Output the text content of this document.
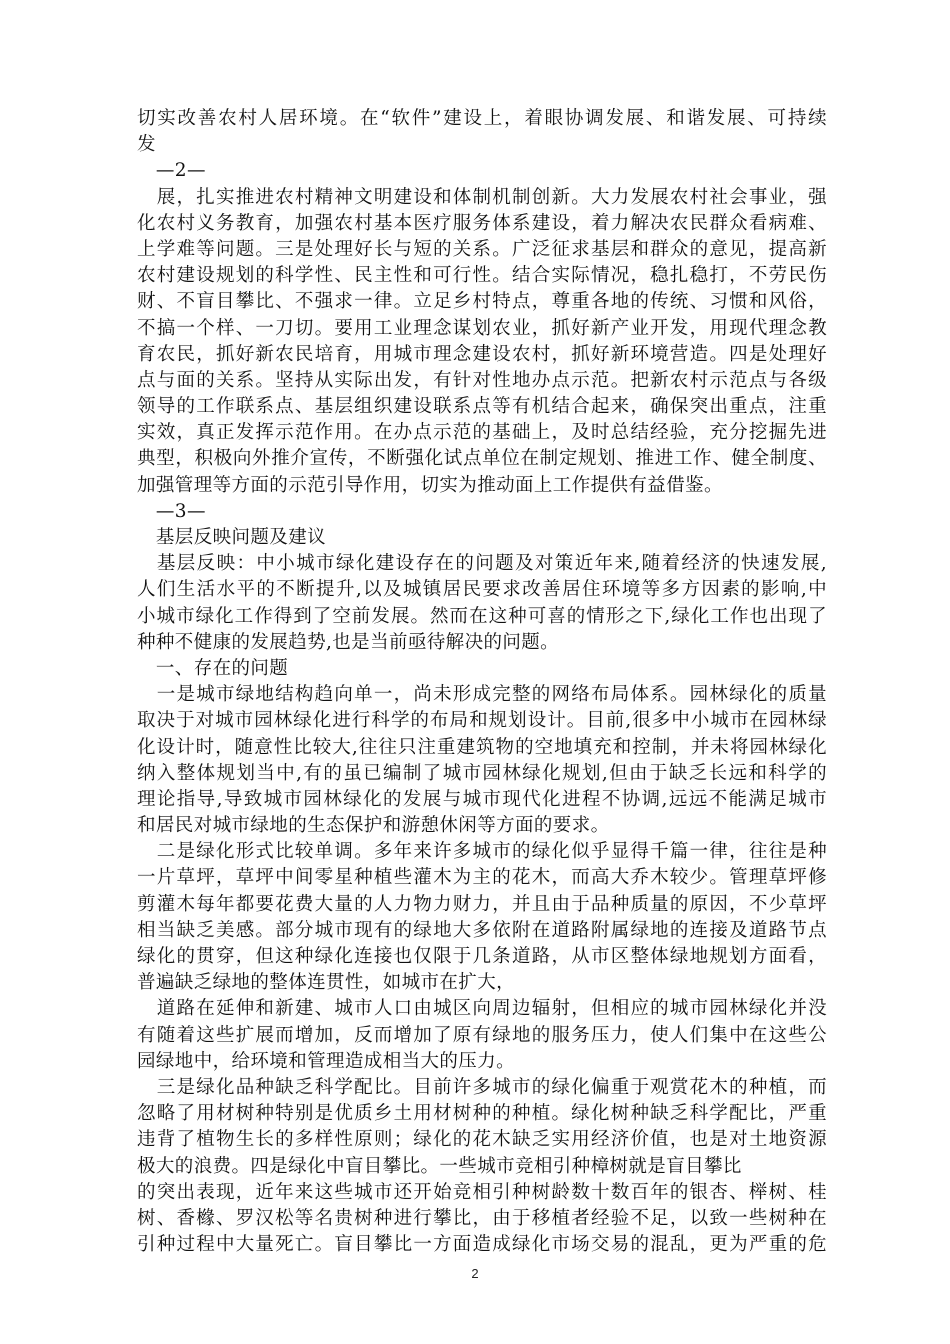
切实改善农村人居环境。在“软件”建设上，着眼协调发展、和谐发展、可持续
发
　—2—
　展，扎实推进农村精神文明建设和体制机制创新。大力发展农村社会事业，强
化农村义务教育，加强农村基本医疗服务体系建设，着力解决农民群众看病难、
上学难等问题。三是处理好长与短的关系。广泛征求基层和群众的意见，提高新
农村建设规划的科学性、民主性和可行性。结合实际情况，稳扎稳打，不劳民伤
财、不盲目攀比、不强求一律。立足乡村特点，尊重各地的传统、习惯和风俗，
不搞一个样、一刀切。要用工业理念谋划农业，抓好新产业开发，用现代理念教
育农民，抓好新农民培育，用城市理念建设农村，抓好新环境营造。四是处理好
点与面的关系。坚持从实际出发，有针对性地办点示范。把新农村示范点与各级
领导的工作联系点、基层组织建设联系点等有机结合起来，确保突出重点，注重
实效，真正发挥示范作用。在办点示范的基础上，及时总结经验，充分挖掘先进
典型，积极向外推介宣传，不断强化试点单位在制定规划、推进工作、健全制度、
加强管理等方面的示范引导作用，切实为推动面上工作提供有益借鉴。
　—3—
　基层反映问题及建议
　基层反映：中小城市绿化建设存在的问题及对策近年来,随着经济的快速发展,
人们生活水平的不断提升,以及城镇居民要求改善居住环境等多方因素的影响,中
小城市绿化工作得到了空前发展。然而在这种可喜的情形之下,绿化工作也出现了
种种不健康的发展趋势,也是当前亟待解决的问题。
　一、存在的问题
　一是城市绿地结构趋向单一，尚未形成完整的网络布局体系。园林绿化的质量
取决于对城市园林绿化进行科学的布局和规划设计。目前,很多中小城市在园林绿
化设计时，随意性比较大,往往只注重建筑物的空地填充和控制，并未将园林绿化
纳入整体规划当中,有的虽已编制了城市园林绿化规划,但由于缺乏长远和科学的
理论指导,导致城市园林绿化的发展与城市现代化进程不协调,远远不能满足城市
和居民对城市绿地的生态保护和游憩休闲等方面的要求。
　二是绿化形式比较单调。多年来许多城市的绿化似乎显得千篇一律，往往是种
一片草坪，草坪中间零星种植些灌木为主的花木，而高大乔木较少。管理草坪修
剪灌木每年都要花费大量的人力物力财力，并且由于品种质量的原因，不少草坪
相当缺乏美感。部分城市现有的绿地大多依附在道路附属绿地的连接及道路节点
绿化的贯穿，但这种绿化连接也仅限于几条道路，从市区整体绿地规划方面看，
普遍缺乏绿地的整体连贯性，如城市在扩大，
　道路在延伸和新建、城市人口由城区向周边辐射，但相应的城市园林绿化并没
有随着这些扩展而增加，反而增加了原有绿地的服务压力，使人们集中在这些公
园绿地中，给环境和管理造成相当大的压力。
　三是绿化品种缺乏科学配比。目前许多城市的绿化偏重于观赏花木的种植，而
忽略了用材树种特别是优质乡土用材树种的种植。绿化树种缺乏科学配比，严重
违背了植物生长的多样性原则；绿化的花木缺乏实用经济价值，也是对土地资源
极大的浪费。四是绿化中盲目攀比。一些城市竞相引种樟树就是盲目攀比
的突出表现，近年来这些城市还开始竞相引种树龄数十数百年的银杏、榉树、桂
树、香橼、罗汉松等名贵树种进行攀比，由于移植者经验不足，以致一些树种在
引种过程中大量死亡。盲目攀比一方面造成绿化市场交易的混乱，更为严重的危
2
